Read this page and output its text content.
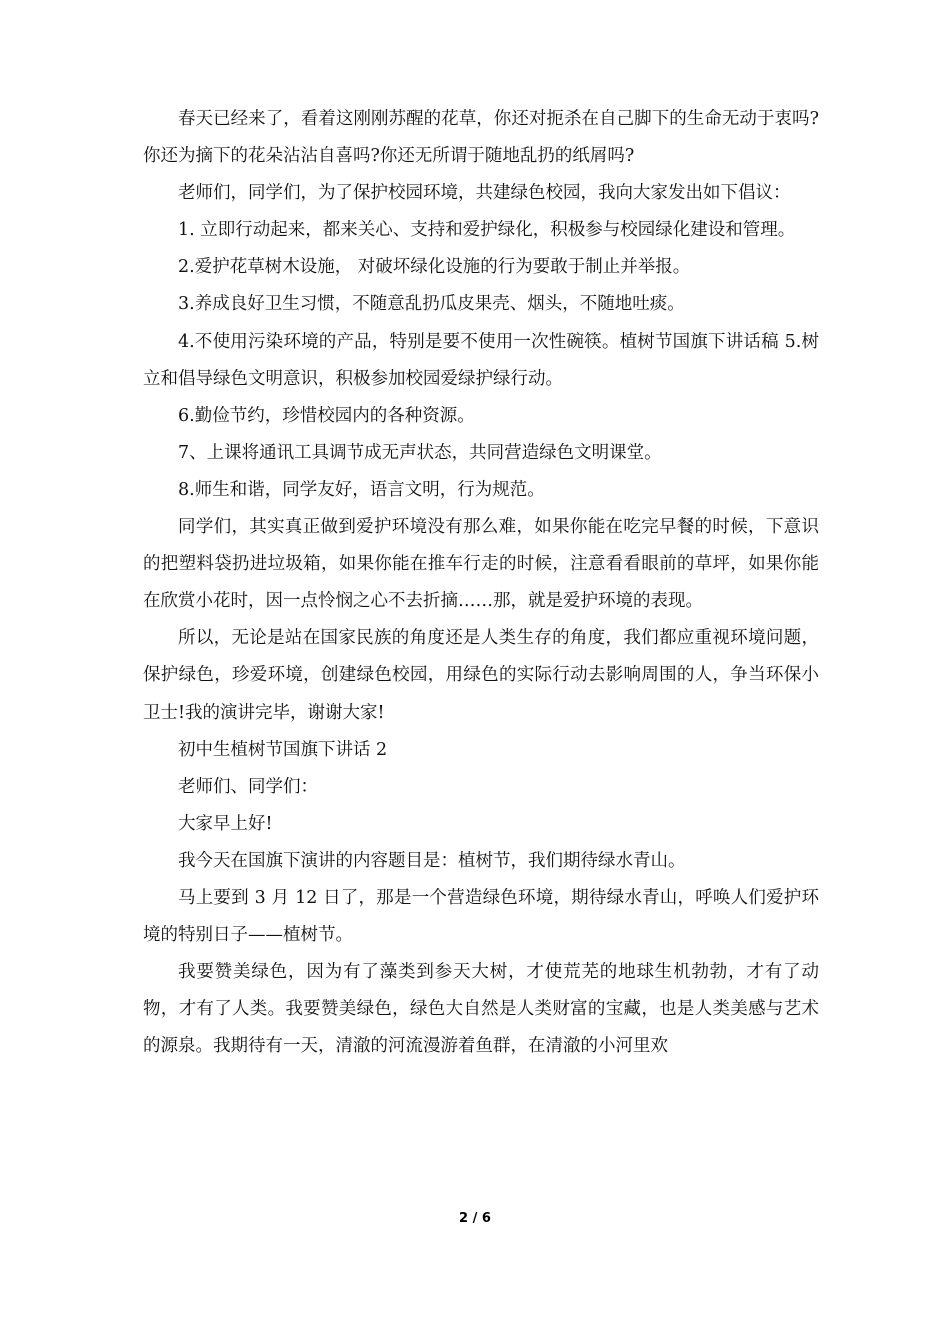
春天已经来了，看着这刚刚苏醒的花草，你还对扼杀在自己脚下的生命无动于衷吗?你还为摘下的花朵沾沾自喜吗?你还无所谓于随地乱扔的纸屑吗?

老师们，同学们，为了保护校园环境，共建绿色校园，我向大家发出如下倡议：

1. 立即行动起来，都来关心、支持和爱护绿化，积极参与校园绿化建设和管理。

2.爱护花草树木设施， 对破坏绿化设施的行为要敢于制止并举报。

3.养成良好卫生习惯，不随意乱扔瓜皮果壳、烟头，不随地吐痰。

4.不使用污染环境的产品，特别是要不使用一次性碗筷。植树节国旗下讲话稿 5.树立和倡导绿色文明意识，积极参加校园爱绿护绿行动。

6.勤俭节约，珍惜校园内的各种资源。

7、上课将通讯工具调节成无声状态，共同营造绿色文明课堂。

8.师生和谐，同学友好，语言文明，行为规范。

同学们，其实真正做到爱护环境没有那么难，如果你能在吃完早餐的时候，下意识的把塑料袋扔进垃圾箱，如果你能在推车行走的时候，注意看看眼前的草坪，如果你能在欣赏小花时，因一点怜悯之心不去折摘……那，就是爱护环境的表现。

所以，无论是站在国家民族的角度还是人类生存的角度，我们都应重视环境问题，保护绿色，珍爱环境，创建绿色校园，用绿色的实际行动去影响周围的人，争当环保小卫士!我的演讲完毕，谢谢大家!

初中生植树节国旗下讲话 2

老师们、同学们：

大家早上好!

我今天在国旗下演讲的内容题目是：植树节，我们期待绿水青山。

马上要到 3 月 12 日了，那是一个营造绿色环境，期待绿水青山，呼唤人们爱护环境的特别日子——植树节。

我要赞美绿色，因为有了藻类到参天大树，才使荒芜的地球生机勃勃，才有了动物，才有了人类。我要赞美绿色，绿色大自然是人类财富的宝藏，也是人类美感与艺术的源泉。我期待有一天，清澈的河流漫游着鱼群，在清澈的小河里欢

2 / 6
